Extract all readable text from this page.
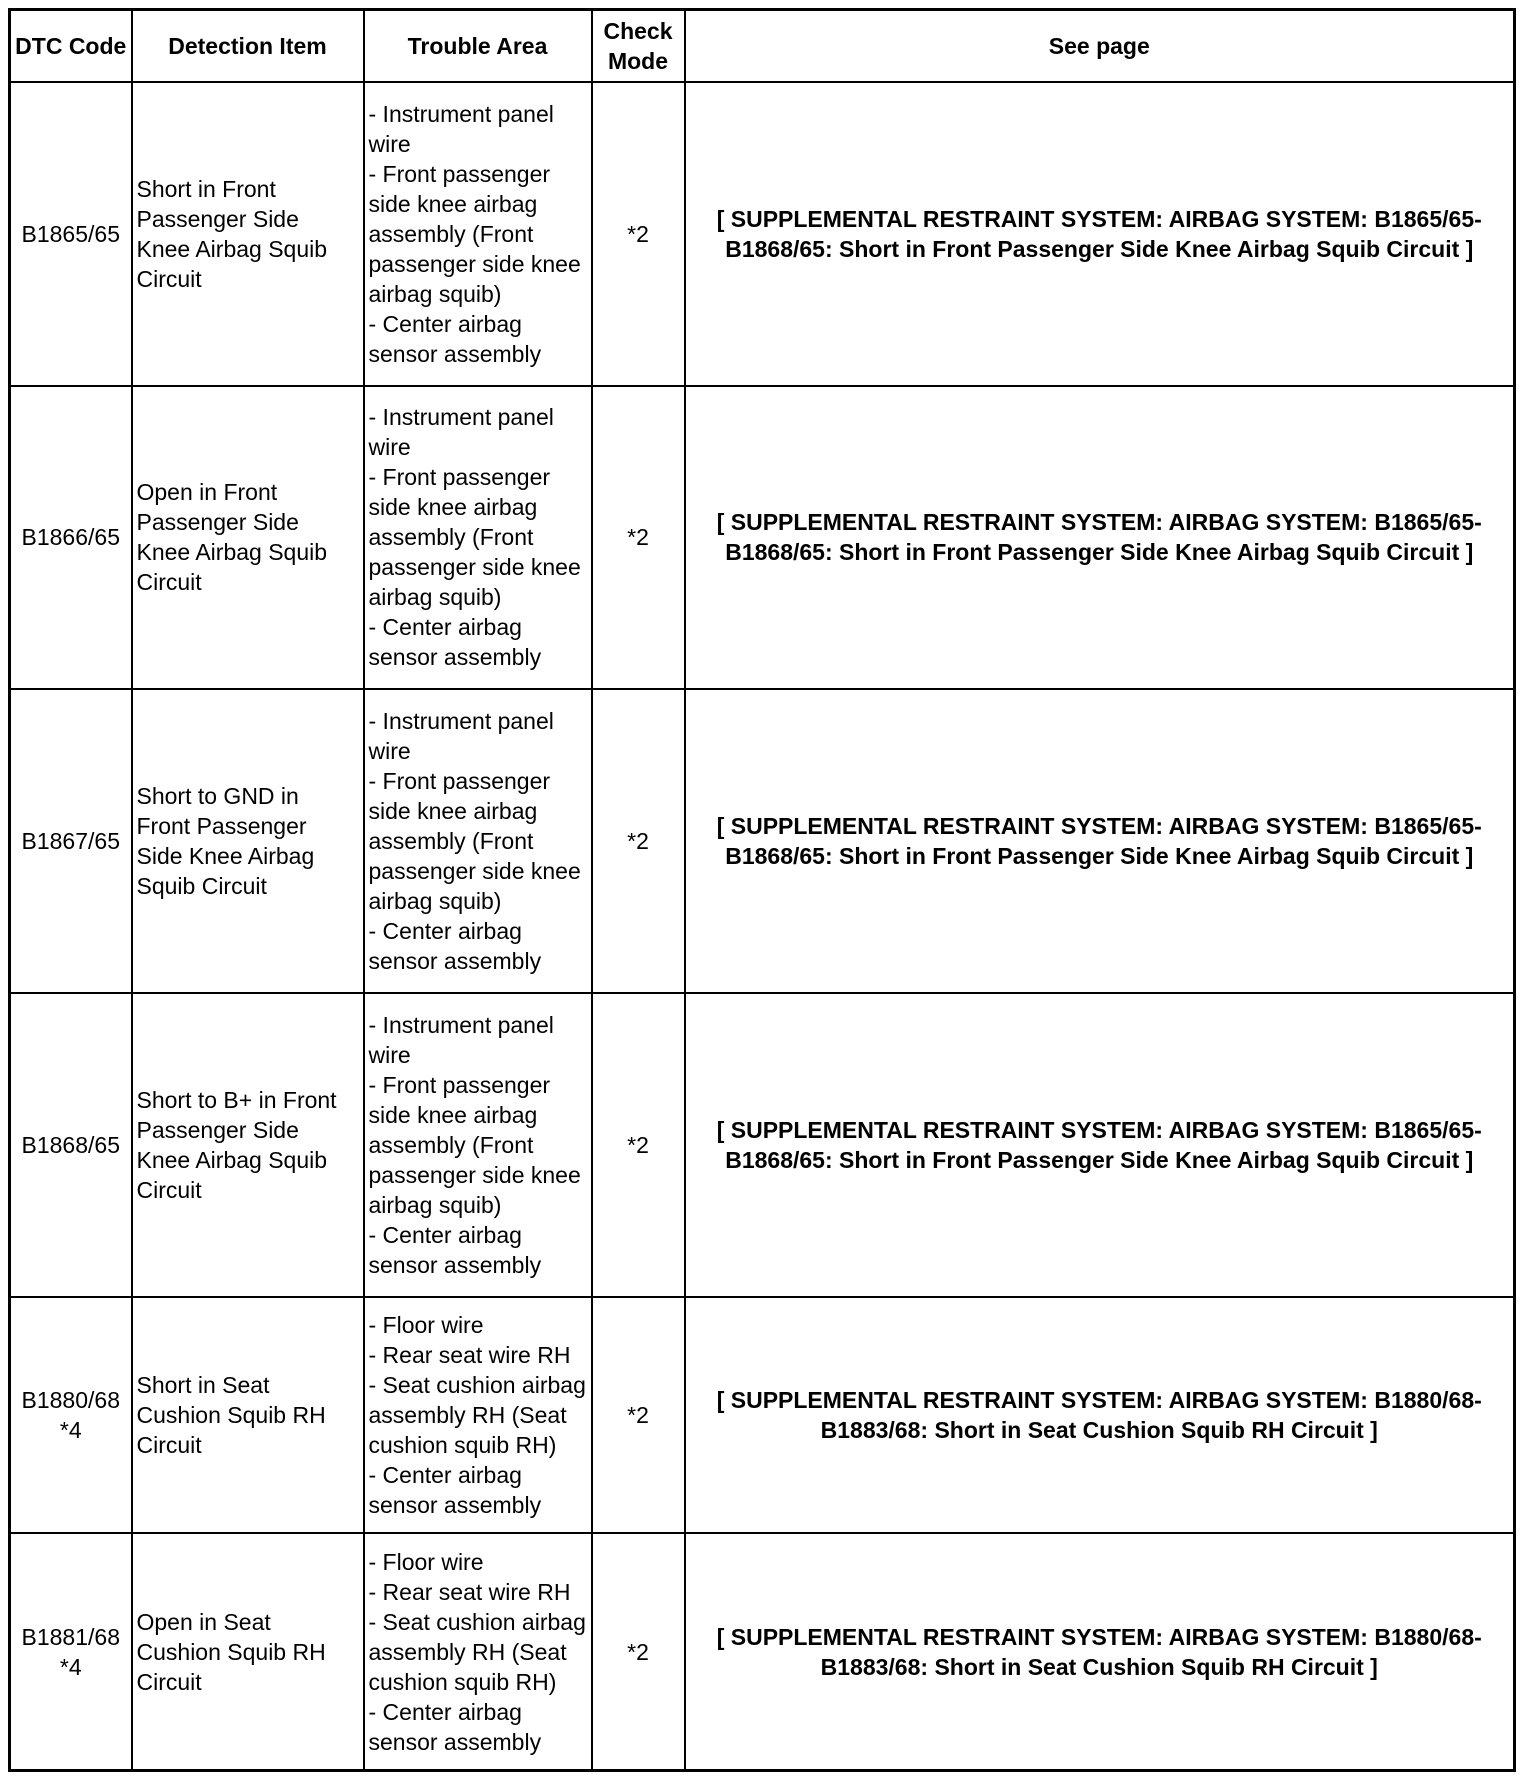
DTC Code	Detection Item	Trouble Area	Check Mode	See page

B1865/65	Short in Front Passenger Side Knee Airbag Squib Circuit	- Instrument panel wire
- Front passenger side knee airbag assembly (Front passenger side knee airbag squib)
- Center airbag sensor assembly	*2	[ SUPPLEMENTAL RESTRAINT SYSTEM: AIRBAG SYSTEM: B1865/65-B1868/65: Short in Front Passenger Side Knee Airbag Squib Circuit ]

B1866/65	Open in Front Passenger Side Knee Airbag Squib Circuit	- Instrument panel wire
- Front passenger side knee airbag assembly (Front passenger side knee airbag squib)
- Center airbag sensor assembly	*2	[ SUPPLEMENTAL RESTRAINT SYSTEM: AIRBAG SYSTEM: B1865/65-B1868/65: Short in Front Passenger Side Knee Airbag Squib Circuit ]

B1867/65	Short to GND in Front Passenger Side Knee Airbag Squib Circuit	- Instrument panel wire
- Front passenger side knee airbag assembly (Front passenger side knee airbag squib)
- Center airbag sensor assembly	*2	[ SUPPLEMENTAL RESTRAINT SYSTEM: AIRBAG SYSTEM: B1865/65-B1868/65: Short in Front Passenger Side Knee Airbag Squib Circuit ]

B1868/65	Short to B+ in Front Passenger Side Knee Airbag Squib Circuit	- Instrument panel wire
- Front passenger side knee airbag assembly (Front passenger side knee airbag squib)
- Center airbag sensor assembly	*2	[ SUPPLEMENTAL RESTRAINT SYSTEM: AIRBAG SYSTEM: B1865/65-B1868/65: Short in Front Passenger Side Knee Airbag Squib Circuit ]

B1880/68
*4	Short in Seat Cushion Squib RH Circuit	- Floor wire
- Rear seat wire RH
- Seat cushion airbag assembly RH (Seat cushion squib RH)
- Center airbag sensor assembly	*2	[ SUPPLEMENTAL RESTRAINT SYSTEM: AIRBAG SYSTEM: B1880/68-B1883/68: Short in Seat Cushion Squib RH Circuit ]

B1881/68
*4	Open in Seat Cushion Squib RH Circuit	- Floor wire
- Rear seat wire RH
- Seat cushion airbag assembly RH (Seat cushion squib RH)
- Center airbag sensor assembly	*2	[ SUPPLEMENTAL RESTRAINT SYSTEM: AIRBAG SYSTEM: B1880/68-B1883/68: Short in Seat Cushion Squib RH Circuit ]
